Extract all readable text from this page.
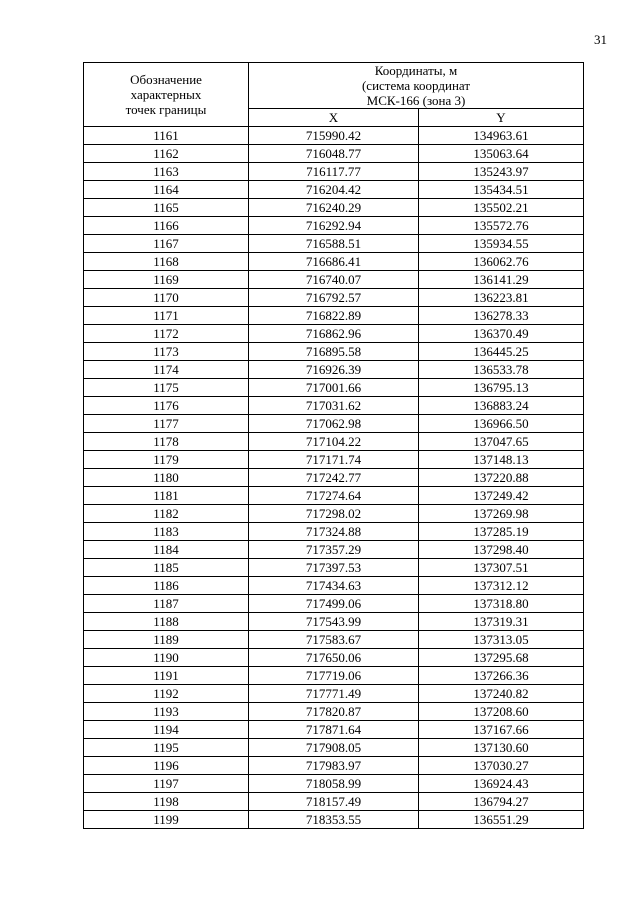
31
Обозначение
характерных
точек границы	Координаты, м
(система координат
МСК-166 (зона 3)	
	X	Y
1161	715990.42	134963.61
1162	716048.77	135063.64
1163	716117.77	135243.97
1164	716204.42	135434.51
1165	716240.29	135502.21
1166	716292.94	135572.76
1167	716588.51	135934.55
1168	716686.41	136062.76
1169	716740.07	136141.29
1170	716792.57	136223.81
1171	716822.89	136278.33
1172	716862.96	136370.49
1173	716895.58	136445.25
1174	716926.39	136533.78
1175	717001.66	136795.13
1176	717031.62	136883.24
1177	717062.98	136966.50
1178	717104.22	137047.65
1179	717171.74	137148.13
1180	717242.77	137220.88
1181	717274.64	137249.42
1182	717298.02	137269.98
1183	717324.88	137285.19
1184	717357.29	137298.40
1185	717397.53	137307.51
1186	717434.63	137312.12
1187	717499.06	137318.80
1188	717543.99	137319.31
1189	717583.67	137313.05
1190	717650.06	137295.68
1191	717719.06	137266.36
1192	717771.49	137240.82
1193	717820.87	137208.60
1194	717871.64	137167.66
1195	717908.05	137130.60
1196	717983.97	137030.27
1197	718058.99	136924.43
1198	718157.49	136794.27
1199	718353.55	136551.29
